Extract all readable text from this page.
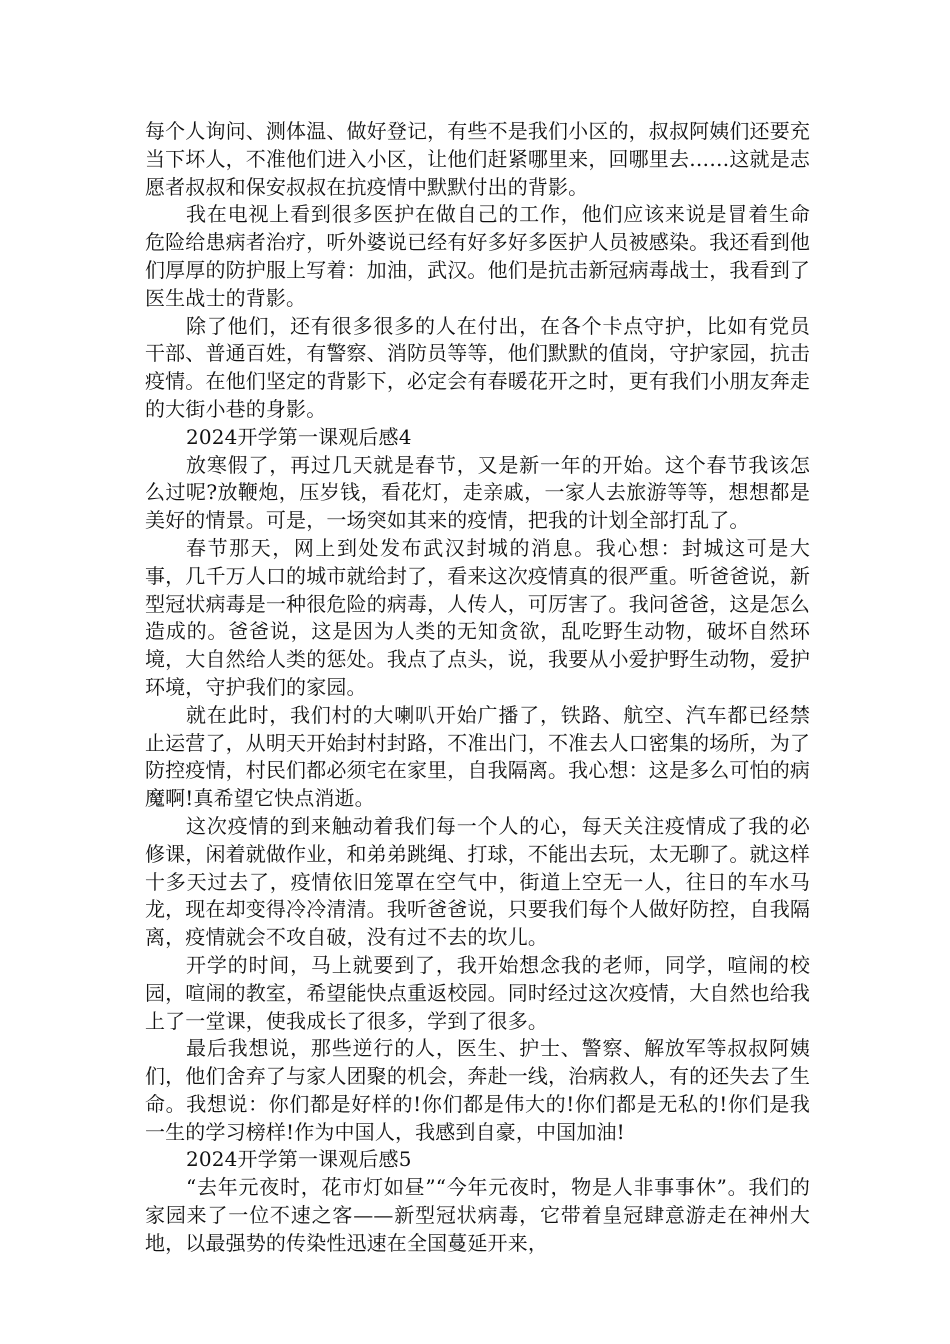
每个人询问、测体温、做好登记，有些不是我们小区的，叔叔阿姨们还要充当下坏人，不准他们进入小区，让他们赶紧哪里来，回哪里去……这就是志愿者叔叔和保安叔叔在抗疫情中默默付出的背影。

我在电视上看到很多医护在做自己的工作，他们应该来说是冒着生命危险给患病者治疗，听外婆说已经有好多好多医护人员被感染。我还看到他们厚厚的防护服上写着：加油，武汉。他们是抗击新冠病毒战士，我看到了医生战士的背影。

除了他们，还有很多很多的人在付出，在各个卡点守护，比如有党员干部、普通百姓，有警察、消防员等等，他们默默的值岗，守护家园，抗击疫情。在他们坚定的背影下，必定会有春暖花开之时，更有我们小朋友奔走的大街小巷的身影。

2024开学第一课观后感4

放寒假了，再过几天就是春节，又是新一年的开始。这个春节我该怎么过呢?放鞭炮，压岁钱，看花灯，走亲戚，一家人去旅游等等，想想都是美好的情景。可是，一场突如其来的疫情，把我的计划全部打乱了。

春节那天，网上到处发布武汉封城的消息。我心想：封城这可是大事，几千万人口的城市就给封了，看来这次疫情真的很严重。听爸爸说，新型冠状病毒是一种很危险的病毒，人传人，可厉害了。我问爸爸，这是怎么造成的。爸爸说，这是因为人类的无知贪欲，乱吃野生动物，破坏自然环境，大自然给人类的惩处。我点了点头，说，我要从小爱护野生动物，爱护环境，守护我们的家园。

就在此时，我们村的大喇叭开始广播了，铁路、航空、汽车都已经禁止运营了，从明天开始封村封路，不准出门，不准去人口密集的场所，为了防控疫情，村民们都必须宅在家里，自我隔离。我心想：这是多么可怕的病魔啊!真希望它快点消逝。

这次疫情的到来触动着我们每一个人的心，每天关注疫情成了我的必修课，闲着就做作业，和弟弟跳绳、打球，不能出去玩，太无聊了。就这样十多天过去了，疫情依旧笼罩在空气中，街道上空无一人，往日的车水马龙，现在却变得冷冷清清。我听爸爸说，只要我们每个人做好防控，自我隔离，疫情就会不攻自破，没有过不去的坎儿。

开学的时间，马上就要到了，我开始想念我的老师，同学，喧闹的校园，喧闹的教室，希望能快点重返校园。同时经过这次疫情，大自然也给我上了一堂课，使我成长了很多，学到了很多。

最后我想说，那些逆行的人，医生、护士、警察、解放军等叔叔阿姨们，他们舍弃了与家人团聚的机会，奔赴一线，治病救人，有的还失去了生命。我想说：你们都是好样的!你们都是伟大的!你们都是无私的!你们是我一生的学习榜样!作为中国人，我感到自豪，中国加油!

2024开学第一课观后感5

“去年元夜时，花市灯如昼”“今年元夜时，物是人非事事休”。我们的家园来了一位不速之客——新型冠状病毒，它带着皇冠肆意游走在神州大地，以最强势的传染性迅速在全国蔓延开来，
